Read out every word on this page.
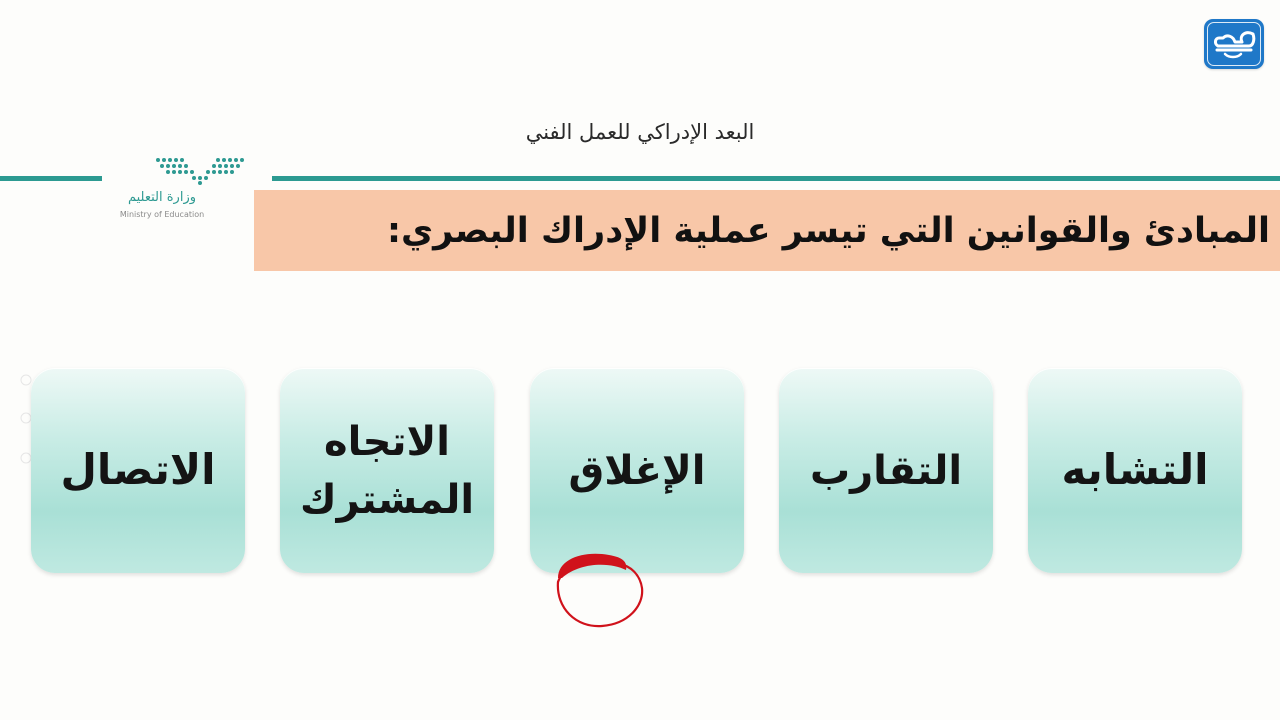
البعد الإدراكي للعمل الفني
وزارة التعليم
Ministry of Education	المبادئ والقوانين التي تيسر عملية الإدراك البصري:
التشابه
التقارب
الإغلاق
الاتجاه المشترك
الاتصال
